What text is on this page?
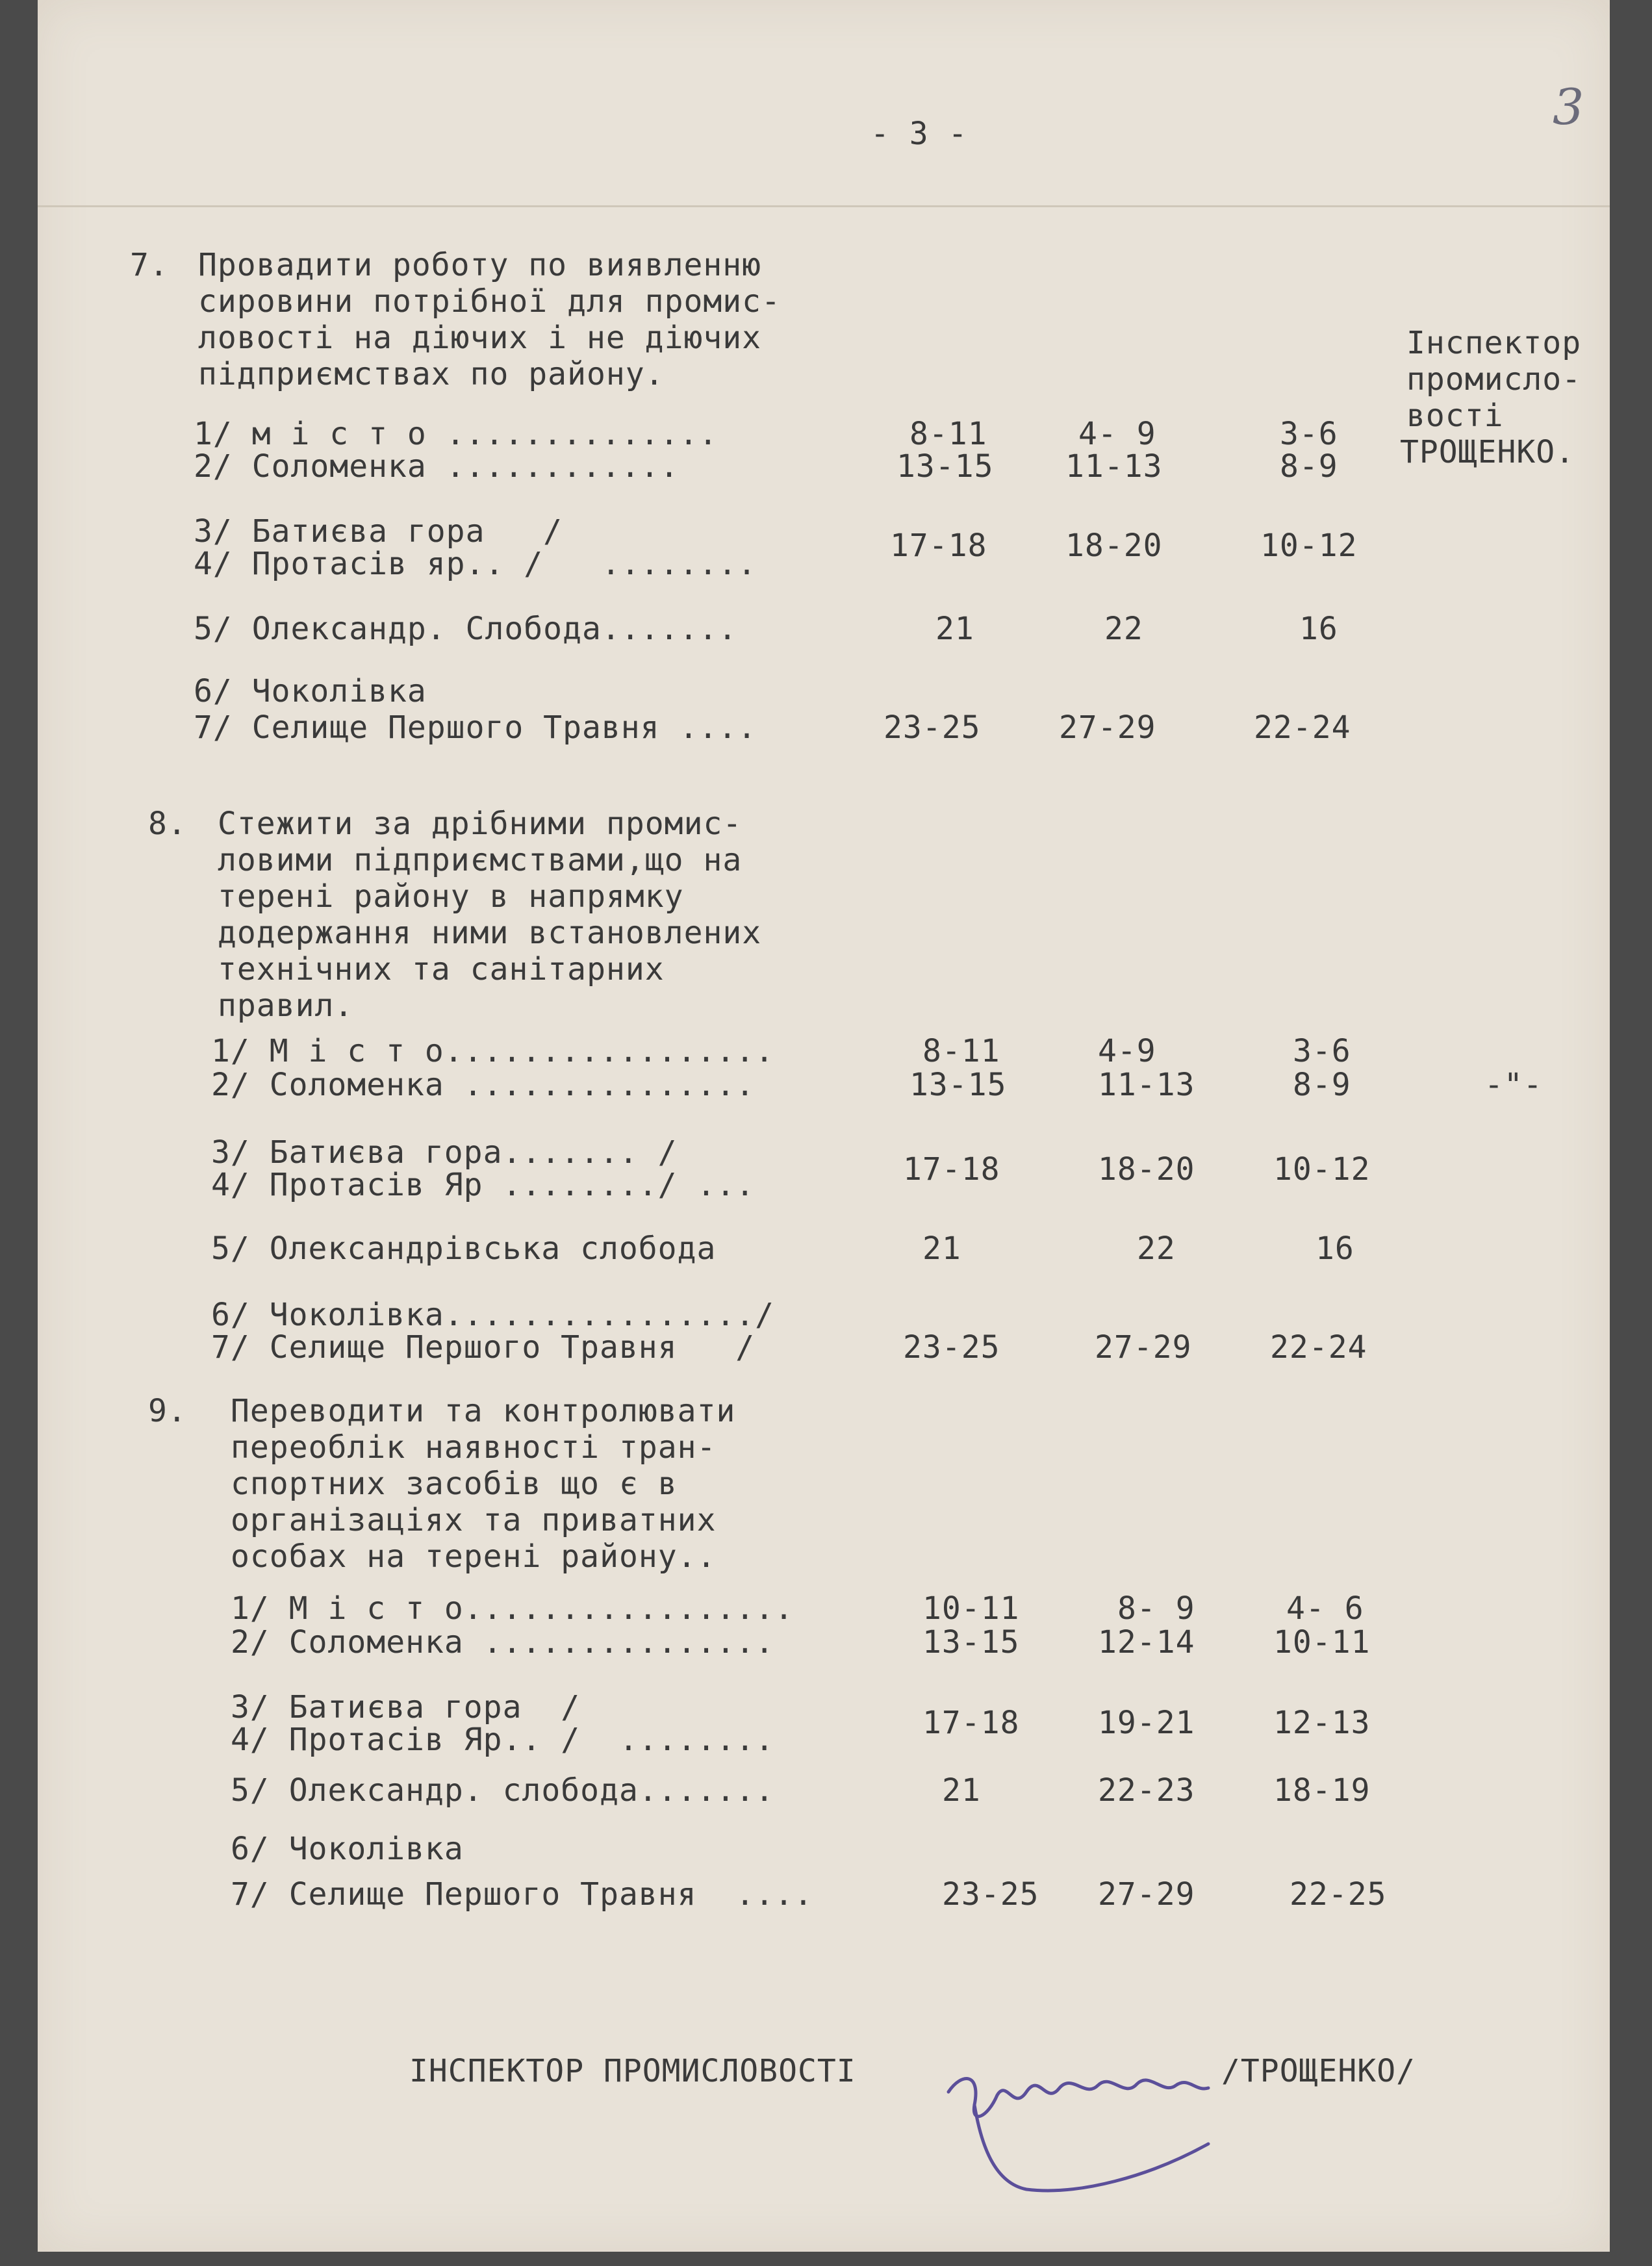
- 3 -	3
7. Провадити роботу по виявленню
сировини потрібної для промис-
ловості на діючих і не діючих
підприємствах по району.
Інспектор
промисло-
вості
ТРОЩЕНКО.
1/ м і с т о ..............	8-11	4- 9	3-6
2/ Соломенка ............	13-15 11-13	8-9
3/ Батиєва гора   /
4/ Протасів яр.. /   ........	17-18	18-20	10-12
5/ Олександр. Слобода.......	21	22	16
6/ Чоколівка
7/ Селище Першого Травня ....	23-25	27-29	22-24
8. Стежити за дрібними промис-
ловими підприємствами,що на
терені району в напрямку
додержання ними встановлених
технічних та санітарних
правил.
1/ М і с т о.................	8-11	4-9	3-6
2/ Соломенка ...............	13-15	11-13	8-9	-"-
3/ Батиєва гора....... /
4/ Протасів Яр ......../ ...	17-18	18-20	10-12
5/ Олександрівська слобода	21	22	16
6/ Чоколівка................/
7/ Селище Першого Травня   /	23-25	27-29	22-24
9. Переводити та контролювати
переоблік наявності тран-
спортних засобів що є в
організаціях та приватних
особах на терені району..
1/ М і с т о.................	10-11	8- 9	4- 6
2/ Соломенка ...............	13-15	12-14	10-11
3/ Батиєва гора  /
4/ Протасів Яр.. /  ........	17-18	19-21	12-13
5/ Олександр. слобода.......	21	22-23	18-19
6/ Чоколівка
7/ Селище Першого Травня  ....	23-25 27-29	22-25
ІНСПЕКТОР ПРОМИСЛОВОСТІ	/ТРОЩЕНКО/
